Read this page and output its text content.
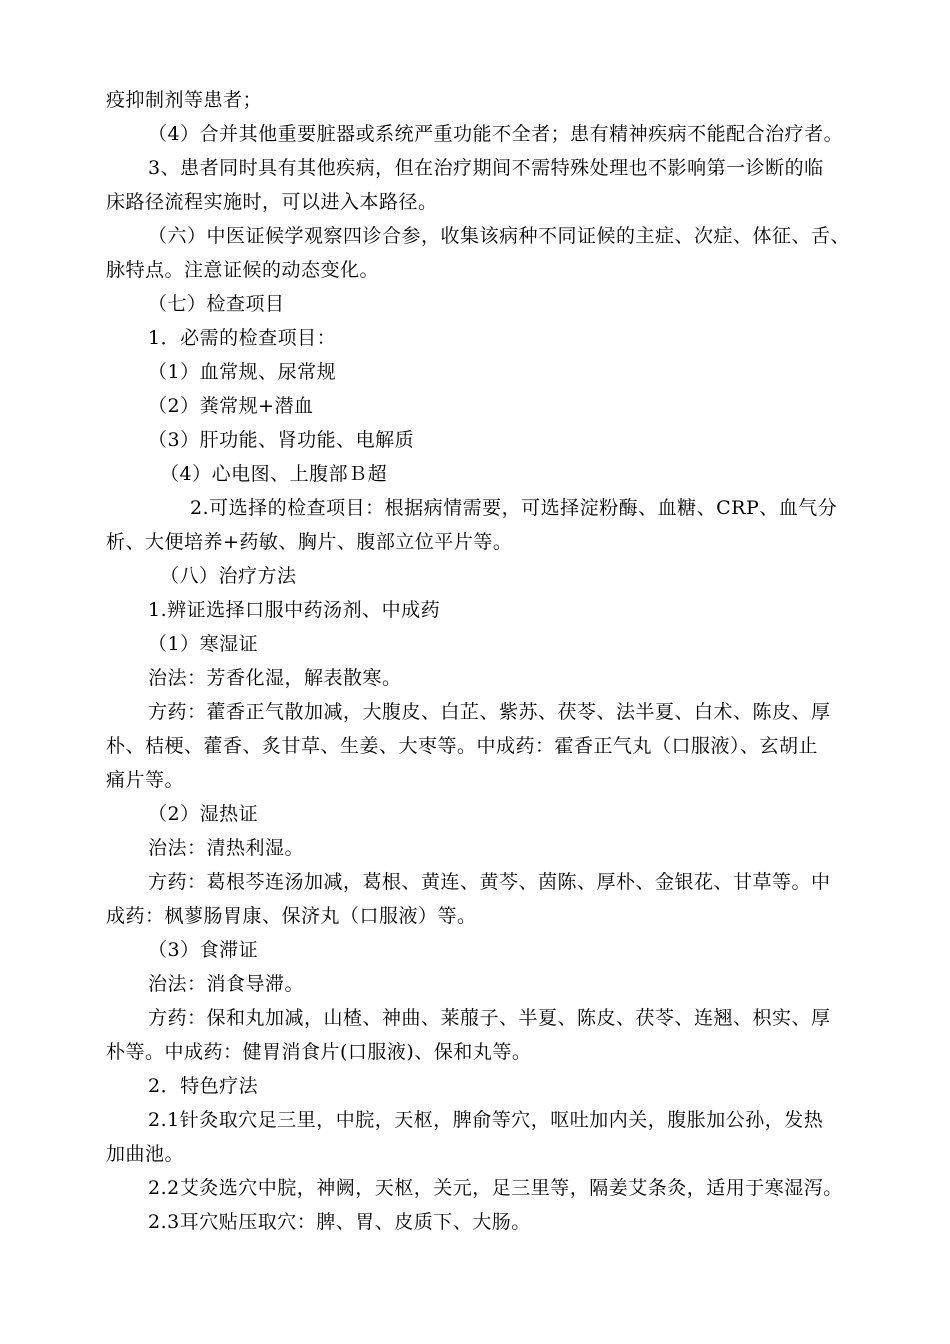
疫抑制剂等患者；
（4）合并其他重要脏器或系统严重功能不全者；患有精神疾病不能配合治疗者。
3、患者同时具有其他疾病，但在治疗期间不需特殊处理也不影响第一诊断的临
床路径流程实施时，可以进入本路径。
（六）中医证候学观察四诊合参，收集该病种不同证候的主症、次症、体征、舌、
脉特点。注意证候的动态变化。
（七）检查项目
1．必需的检查项目：
（1）血常规、尿常规
（2）粪常规+潜血
（3）肝功能、肾功能、电解质
（4）心电图、上腹部Ｂ超
2.可选择的检查项目：根据病情需要，可选择淀粉酶、血糖、CRP、血气分
析、大便培养+药敏、胸片、腹部立位平片等。
（八）治疗方法
1.辨证选择口服中药汤剂、中成药
（1）寒湿证
治法：芳香化湿，解表散寒。
方药：藿香正气散加减，大腹皮、白芷、紫苏、茯苓、法半夏、白术、陈皮、厚
朴、桔梗、藿香、炙甘草、生姜、大枣等。中成药：霍香正气丸（口服液）、玄胡止
痛片等。
（2）湿热证
治法：清热利湿。
方药：葛根芩连汤加减，葛根、黄连、黄芩、茵陈、厚朴、金银花、甘草等。中
成药：枫蓼肠胃康、保济丸（口服液）等。
（3）食滞证
治法：消食导滞。
方药：保和丸加减，山楂、神曲、莱菔子、半夏、陈皮、茯苓、连翘、枳实、厚
朴等。中成药：健胃消食片(口服液)、保和丸等。
2．特色疗法
2.1针灸取穴足三里，中脘，天枢，脾俞等穴，呕吐加内关，腹胀加公孙，发热
加曲池。
2.2艾灸选穴中脘，神阙，天枢，关元，足三里等，隔姜艾条灸，适用于寒湿泻。
2.3耳穴贴压取穴：脾、胃、皮质下、大肠。
